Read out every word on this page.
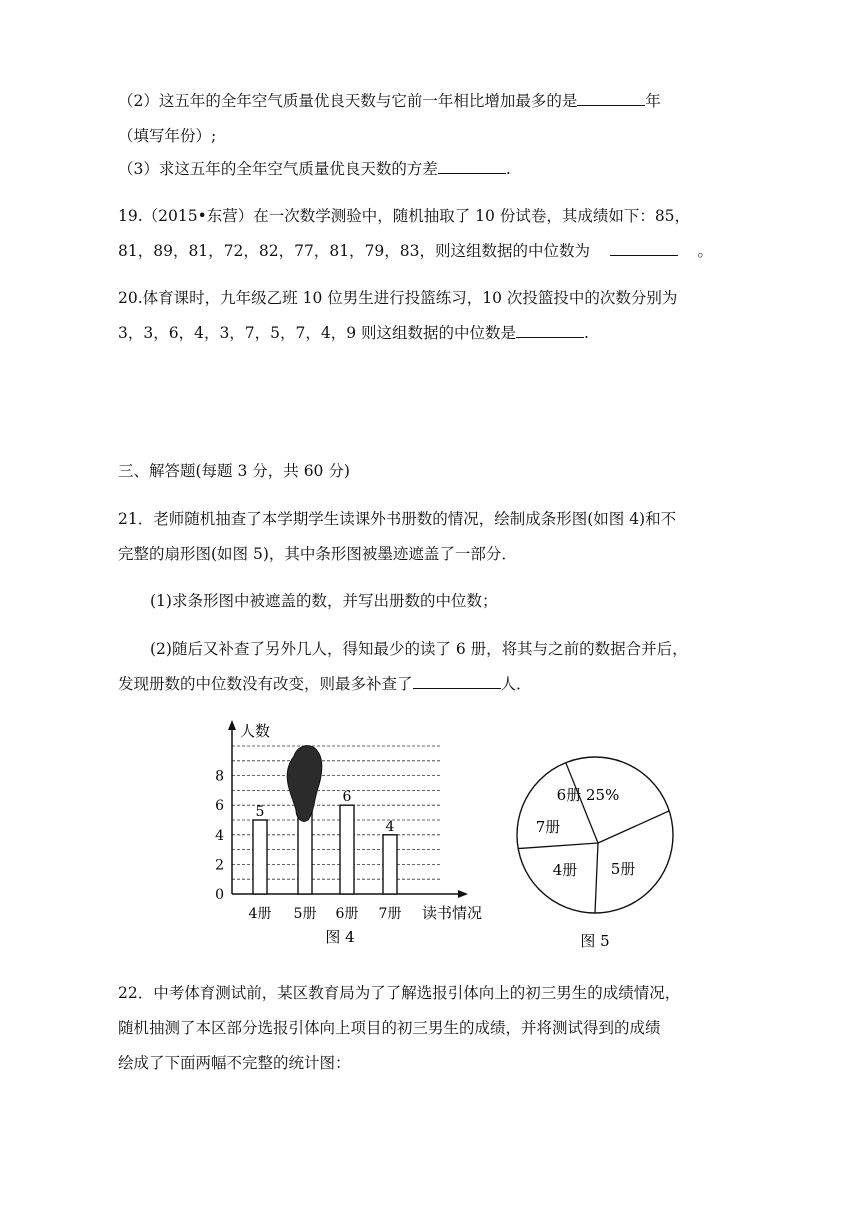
（2）这五年的全年空气质量优良天数与它前一年相比增加最多的是	年
（填写年份）;
（3）求这五年的全年空气质量优良天数的方差	.
19.（2015•东营）在一次数学测验中，随机抽取了 10 份试卷，其成绩如下：85，
81，89，81，72，82，77，81，79，83，则这组数据的中位数为	。
20.体育课时，九年级乙班 10 位男生进行投篮练习，10 次投篮投中的次数分别为
3，3，6，4，3，7，5，7，4，9 则这组数据的中位数是	.
三、解答题(每题 3 分，共 60 分)
21．老师随机抽查了本学期学生读课外书册数的情况，绘制成条形图(如图 4)和不
完整的扇形图(如图 5)，其中条形图被墨迹遮盖了一部分．
(1)求条形图中被遮盖的数，并写出册数的中位数；
(2)随后又补查了另外几人，得知最少的读了 6 册，将其与之前的数据合并后，
发现册数的中位数没有改变，则最多补查了	人．
人数
0
2
4
6
8
5
6
4
4册 5册 6册 7册 读书情况
图 4
6册 25%
7册
4册 5册
图 5
22．中考体育测试前，某区教育局为了了解选报引体向上的初三男生的成绩情况，
随机抽测了本区部分选报引体向上项目的初三男生的成绩，并将测试得到的成绩
绘成了下面两幅不完整的统计图：
